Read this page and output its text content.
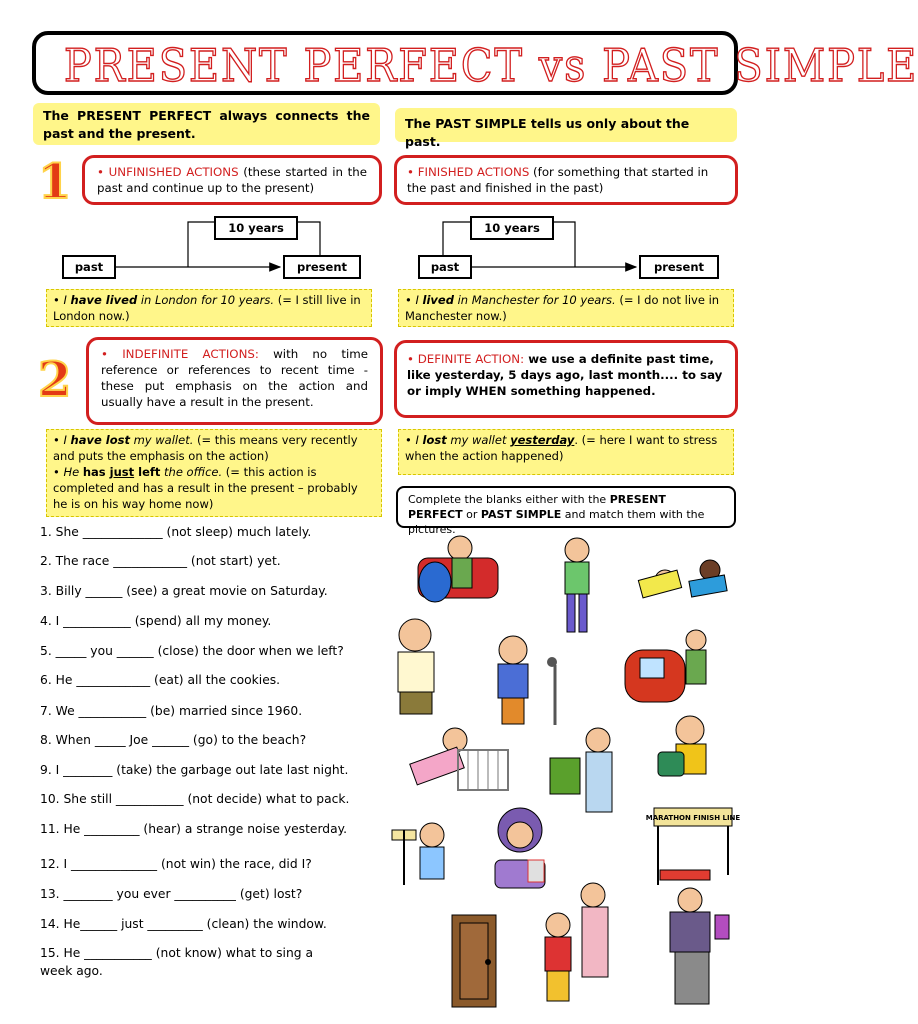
PRESENT PERFECT vs PAST SIMPLE
The PRESENT PERFECT always connects the past and the present.
The PAST SIMPLE tells us only about the past.
1	• UNFINISHED ACTIONS (these started in the past and continue up to the present)
• FINISHED ACTIONS (for something that started in the past and finished in the past)
10 years
past	present
10 years
past	present
• I have lived in London for 10 years. (= I still live in London now.)
• I lived in Manchester for 10 years. (= I do not live in Manchester now.)
2	• INDEFINITE ACTIONS: with no time reference or references to recent time - these put emphasis on the action and usually have a result in the present.
• DEFINITE ACTION: we use a definite past time, like yesterday, 5 days ago, last month.... to say or imply WHEN something happened.
• I have lost my wallet. (= this means very recently and puts the emphasis on the action)
• He has just left the office. (= this action is completed and has a result in the present – probably he is on his way home now)
• I lost my wallet yesterday. (= here I want to stress when the action happened)
Complete the blanks either with the PRESENT PERFECT or PAST SIMPLE and match them with the pictures.
1. She _____________ (not sleep) much lately.
2. The race ____________ (not start) yet.
3. Billy ______ (see) a great movie on Saturday.
4. I ___________ (spend) all my money.
5. _____ you ______ (close) the door when we left?
6. He ____________ (eat) all the cookies.
7. We ___________ (be) married since 1960.
8. When _____ Joe ______ (go) to the beach?
9. I ________ (take) the garbage out late last night.
10. She still ___________ (not decide) what to pack.
11. He _________ (hear) a strange noise yesterday.
12. I ______________ (not win) the race, did I?
13. ________ you ever __________ (get) lost?
14. He______ just _________ (clean) the window.
15. He ___________ (not know) what to sing a
week ago.
MARATHON FINISH LINE
